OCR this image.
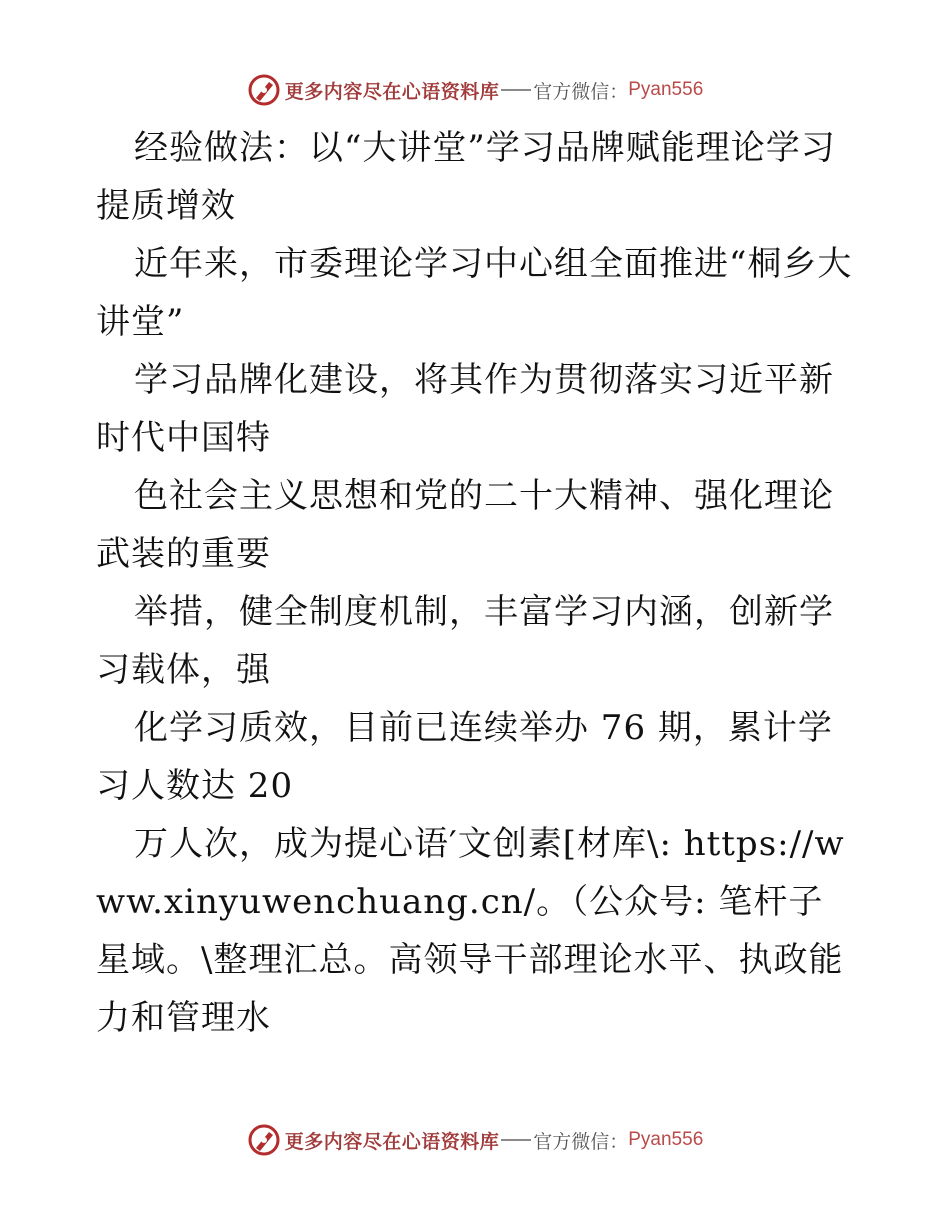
更多内容尽在心语资料库 官方微信： Pyan556

经验做法：以“大讲堂”学习品牌赋能理论学习提质增效

近年来，市委理论学习中心组全面推进“桐乡大讲堂”

学习品牌化建设，将其作为贯彻落实习近平新时代中国特

色社会主义思想和党的二十大精神、强化理论武装的重要

举措，健全制度机制，丰富学习内涵，创新学习载体，强

化学习质效，目前已连续举办 76 期，累计学习人数达 20

万人次，成为提心语′文创素[材库\: https://www.xinyuwenchuang.cn/。（公众号: 笔杆子星域。\整理汇总。高领导干部理论水平、执政能力和管理水

更多内容尽在心语资料库 官方微信： Pyan556
